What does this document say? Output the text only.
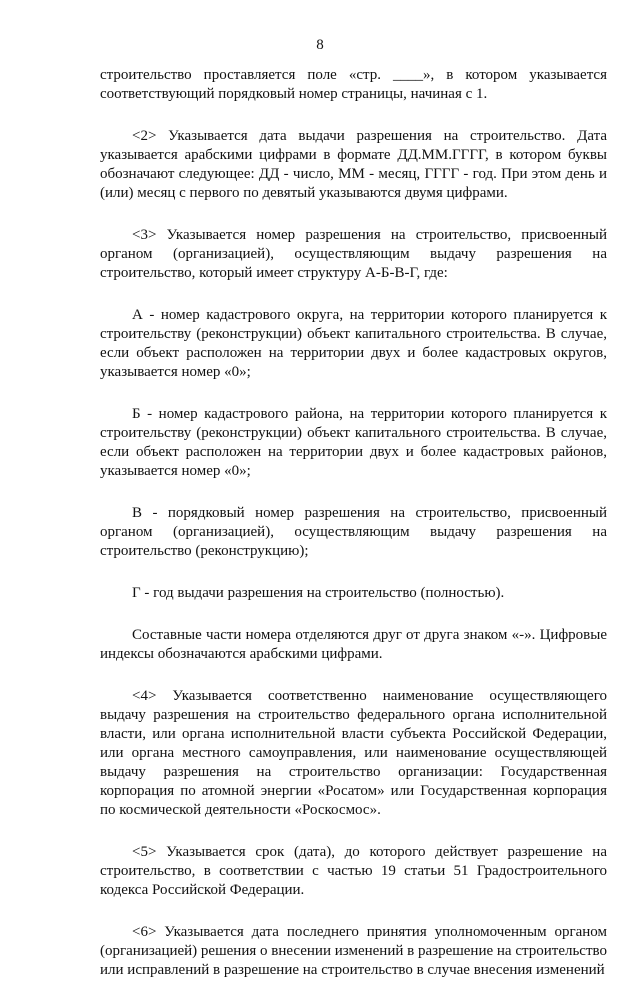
8

строительство проставляется поле «стр. ____», в котором указывается соответствующий порядковый номер страницы, начиная с 1.

<2> Указывается дата выдачи разрешения на строительство. Дата указывается арабскими цифрами в формате ДД.ММ.ГГГГ, в котором буквы обозначают следующее: ДД - число, ММ - месяц, ГГГГ - год. При этом день и (или) месяц с первого по девятый указываются двумя цифрами.

<3> Указывается номер разрешения на строительство, присвоенный органом (организацией), осуществляющим выдачу разрешения на строительство, который имеет структуру А-Б-В-Г, где:

А - номер кадастрового округа, на территории которого планируется к строительству (реконструкции) объект капитального строительства. В случае, если объект расположен на территории двух и более кадастровых округов, указывается номер «0»;

Б - номер кадастрового района, на территории которого планируется к строительству (реконструкции) объект капитального строительства. В случае, если объект расположен на территории двух и более кадастровых районов, указывается номер «0»;

В - порядковый номер разрешения на строительство, присвоенный органом (организацией), осуществляющим выдачу разрешения на строительство (реконструкцию);

Г - год выдачи разрешения на строительство (полностью).

Составные части номера отделяются друг от друга знаком «-». Цифровые индексы обозначаются арабскими цифрами.

<4> Указывается соответственно наименование осуществляющего выдачу разрешения на строительство федерального органа исполнительной власти, или органа исполнительной власти субъекта Российской Федерации, или органа местного самоуправления, или наименование осуществляющей выдачу разрешения на строительство организации: Государственная корпорация по атомной энергии «Росатом» или Государственная корпорация по космической деятельности «Роскосмос».

<5> Указывается срок (дата), до которого действует разрешение на строительство, в соответствии с частью 19 статьи 51 Градостроительного кодекса Российской Федерации.

<6> Указывается дата последнего принятия уполномоченным органом (организацией) решения о внесении изменений в разрешение на строительство или исправлений в разрешение на строительство в случае внесения изменений
